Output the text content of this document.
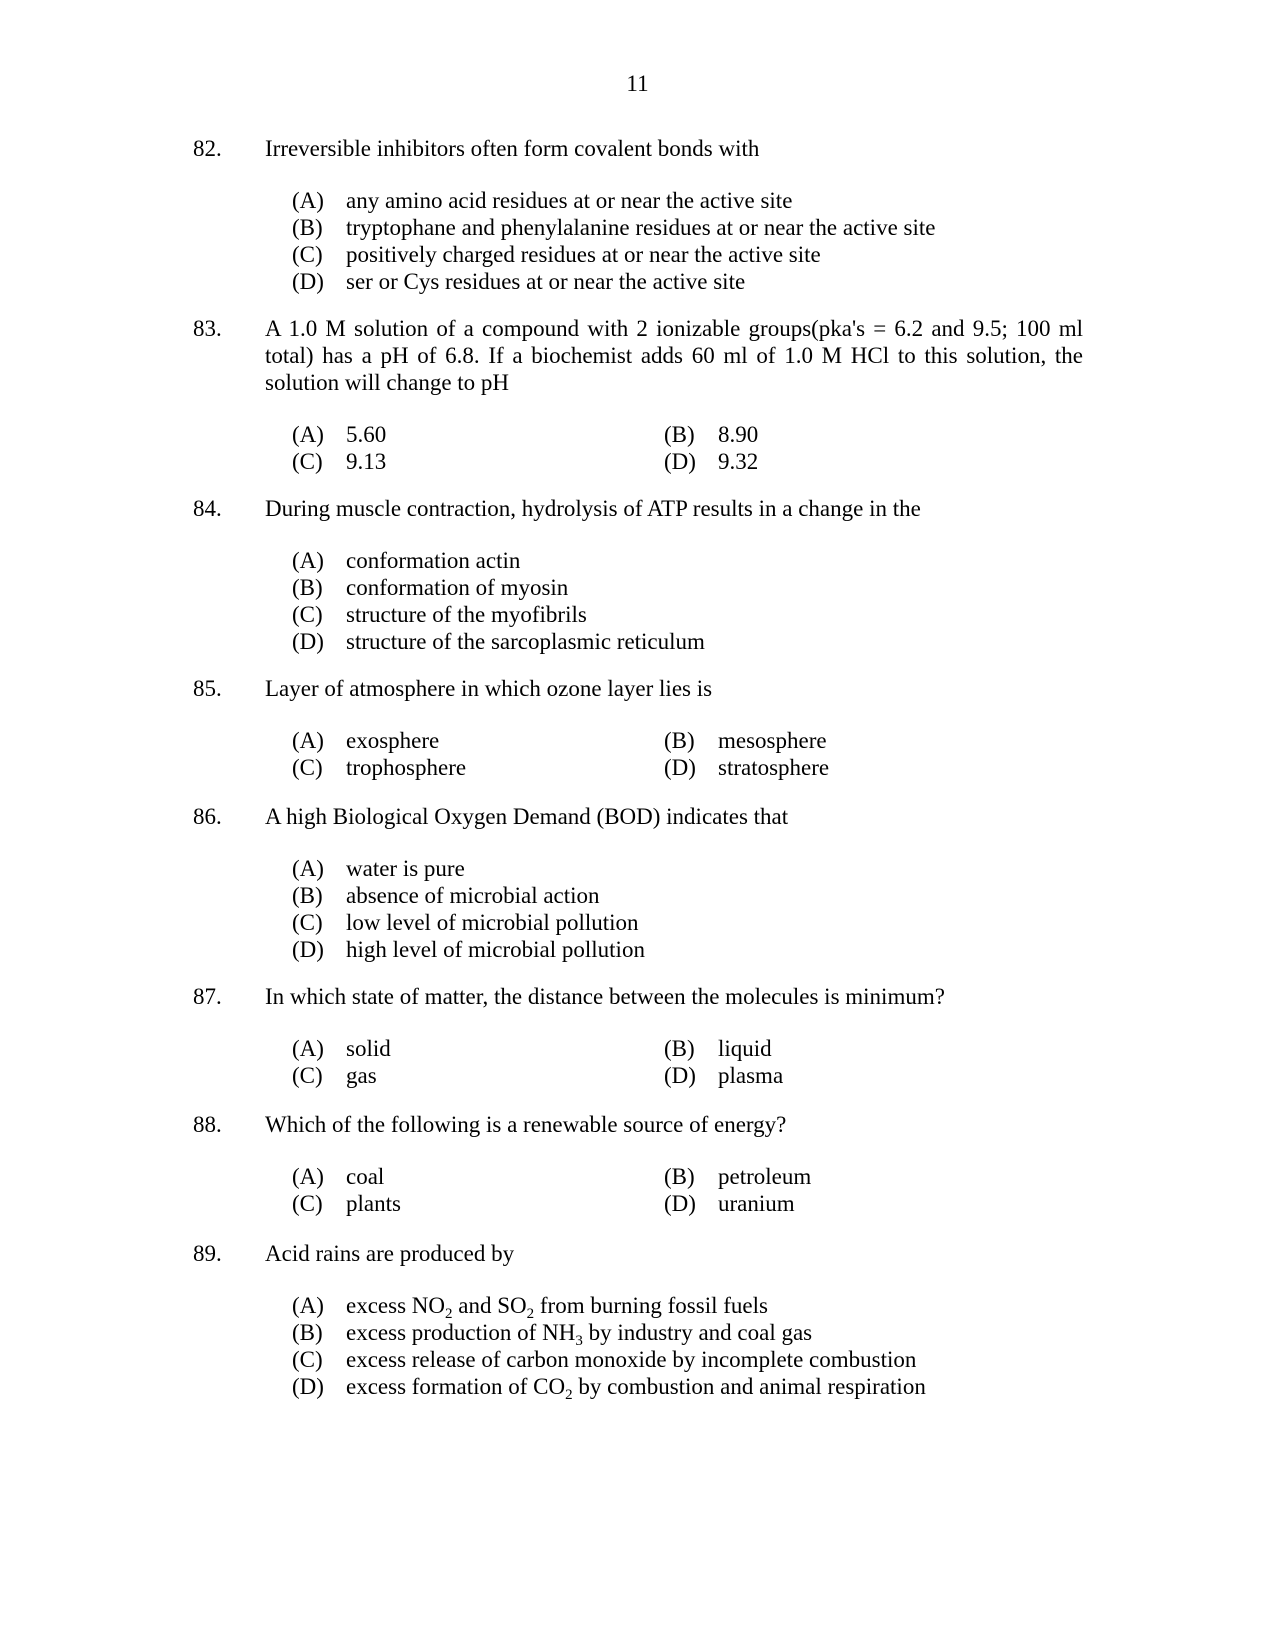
11
82.	Irreversible inhibitors often form covalent bonds with
(A) any amino acid residues at or near the active site
(B) tryptophane and phenylalanine residues at or near the active site
(C) positively charged residues at or near the active site
(D) ser or Cys residues at or near the active site
83.	A 1.0 M solution of a compound with 2 ionizable groups(pka's = 6.2 and 9.5; 100 ml total) has a pH of 6.8. If a biochemist adds 60 ml of 1.0 M HCl to this solution, the solution will change to pH
(A) 5.60	(B) 8.90
(C) 9.13	(D) 9.32
84.	During muscle contraction, hydrolysis of ATP results in a change in the
(A) conformation actin
(B) conformation of myosin
(C) structure of the myofibrils
(D) structure of the sarcoplasmic reticulum
85.	Layer of atmosphere in which ozone layer lies is
(A) exosphere	(B) mesosphere
(C) trophosphere	(D) stratosphere
86.	A high Biological Oxygen Demand (BOD) indicates that
(A) water is pure
(B) absence of microbial action
(C) low level of microbial pollution
(D) high level of microbial pollution
87.	In which state of matter, the distance between the molecules is minimum?
(A) solid	(B) liquid
(C) gas	(D) plasma
88.	Which of the following is a renewable source of energy?
(A) coal	(B) petroleum
(C) plants	(D) uranium
89.	Acid rains are produced by
(A) excess $NO_2$ and $SO_2$ from burning fossil fuels
(B) excess production of $NH_3$ by industry and coal gas
(C) excess release of carbon monoxide by incomplete combustion
(D) excess formation of $CO_2$ by combustion and animal respiration
